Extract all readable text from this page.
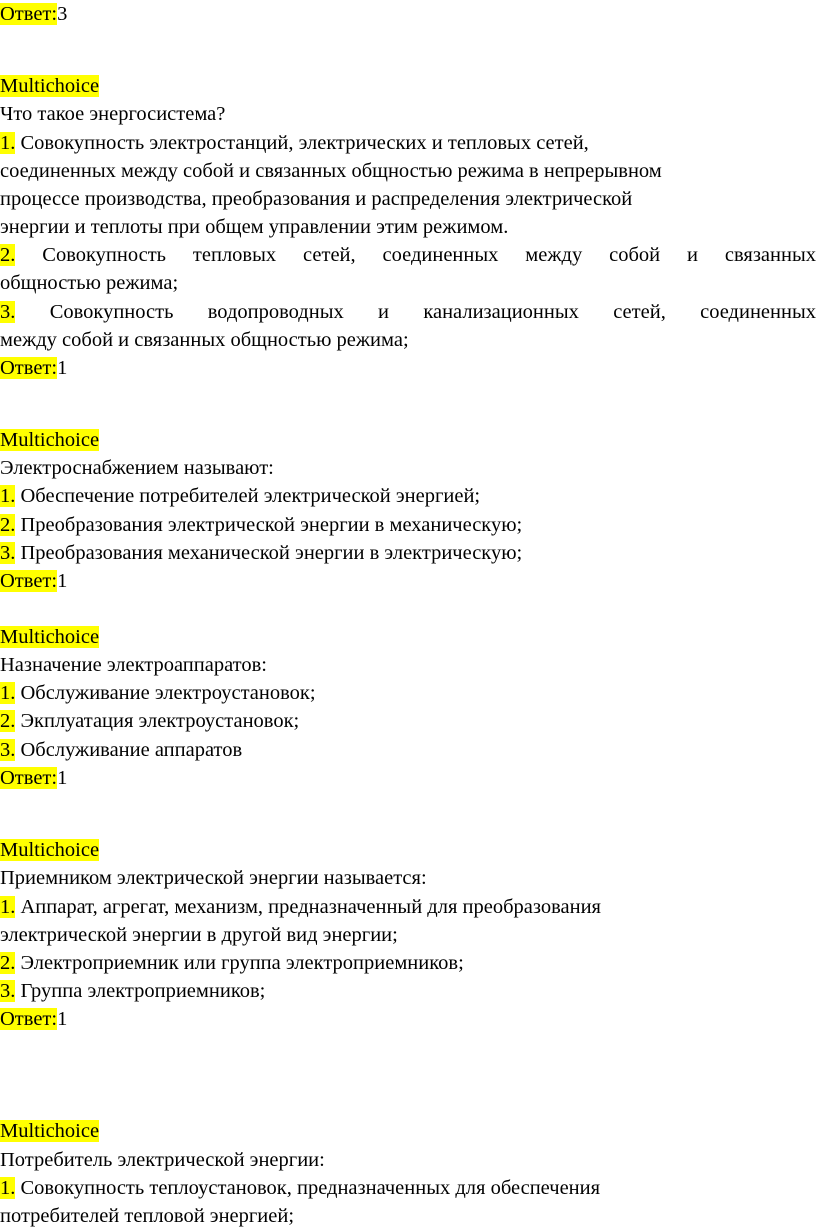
Ответ:3
Multichoice
Что такое энергосистема?
1. Совокупность электростанций, электрических и тепловых сетей,
соединенных между собой и связанных общностью режима в непрерывном
процессе производства, преобразования и распределения электрической
энергии и теплоты при общем управлении этим режимом.
2. Совокупность тепловых сетей, соединенных между собой и связанных
общностью режима;
3. Совокупность водопроводных и канализационных сетей, соединенных
между собой и связанных общностью режима;
Ответ:1
Multichoice
Электроснабжением называют:
1. Обеспечение потребителей электрической энергией;
2. Преобразования электрической энергии в механическую;
3. Преобразования механической энергии в электрическую;
Ответ:1
Multichoice
Назначение электроаппаратов:
1. Обслуживание электроустановок;
2. Экплуатация электроустановок;
3. Обслуживание аппаратов
Ответ:1
Multichoice
Приемником электрической энергии называется:
1. Аппарат, агрегат, механизм, предназначенный для преобразования
электрической энергии в другой вид энергии;
2. Электроприемник или группа электроприемников;
3. Группа электроприемников;
Ответ:1
Multichoice
Потребитель электрической энергии:
1. Совокупность теплоустановок, предназначенных для обеспечения
потребителей тепловой энергией;
